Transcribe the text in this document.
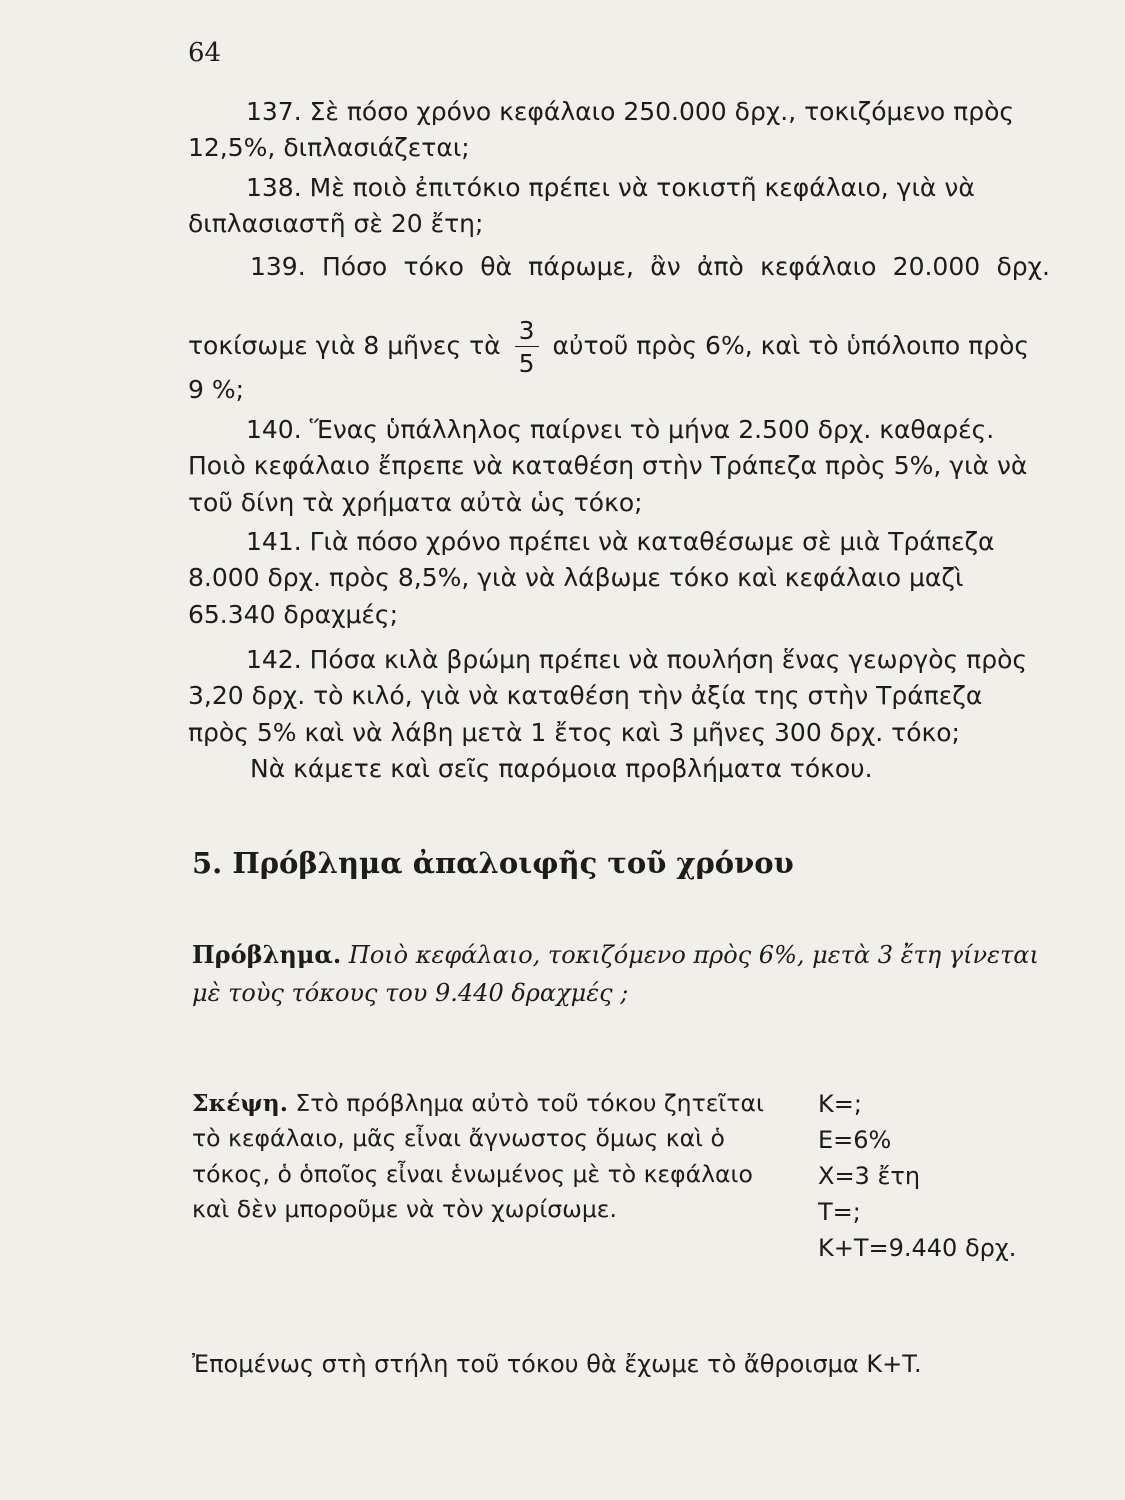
64
137. Σὲ πόσο χρόνο κεφάλαιο 250.000 δρχ., τοκιζόμενο πρὸς 12,5%, διπλασιάζεται;
138. Μὲ ποιὸ ἐπιτόκιο πρέπει νὰ τοκιστῆ κεφάλαιο, γιὰ νὰ διπλασιαστῆ σὲ 20 ἔτη;
139. Πόσο τόκο θὰ πάρωμε, ἂν ἀπὸ κεφάλαιο 20.000 δρχ.
τοκίσωμε γιὰ 8 μῆνες τὰ $\frac{3}{5}$ αὐτοῦ πρὸς 6%, καὶ τὸ ὑπόλοιπο πρὸς
9 %;
140. Ἕνας ὑπάλληλος παίρνει τὸ μήνα 2.500 δρχ. καθαρές. Ποιὸ κεφάλαιο ἔπρεπε νὰ καταθέση στὴν Τράπεζα πρὸς 5%, γιὰ νὰ τοῦ δίνη τὰ χρήματα αὐτὰ ὡς τόκο;
141. Γιὰ πόσο χρόνο πρέπει νὰ καταθέσωμε σὲ μιὰ Τράπεζα 8.000 δρχ. πρὸς 8,5%, γιὰ νὰ λάβωμε τόκο καὶ κεφάλαιο μαζὶ 65.340 δραχμές;
142. Πόσα κιλὰ βρώμη πρέπει νὰ πουλήση ἕνας γεωργὸς πρὸς 3,20 δρχ. τὸ κιλό, γιὰ νὰ καταθέση τὴν ἀξία της στὴν Τράπεζα πρὸς 5% καὶ νὰ λάβη μετὰ 1 ἔτος καὶ 3 μῆνες 300 δρχ. τόκο;
Νὰ κάμετε καὶ σεῖς παρόμοια προβλήματα τόκου.
5. Πρόβλημα ἀπαλοιφῆς τοῦ χρόνου
Πρόβλημα. Ποιὸ κεφάλαιο, τοκιζόμενο πρὸς 6%, μετὰ 3 ἔτη γίνεται μὲ τοὺς τόκους του 9.440 δραχμές ;
Σκέψη. Στὸ πρόβλημα αὐτὸ τοῦ τόκου ζητεῖται τὸ κεφάλαιο, μᾶς εἶναι ἄγνωστος ὅμως καὶ ὁ τόκος, ὁ ὁποῖος εἶναι ἑνωμένος μὲ τὸ κεφάλαιο καὶ δὲν μποροῦμε νὰ τὸν χωρίσωμε.
K=;
E=6%
X=3 ἔτη
T=;
K+T=9.440 δρχ.
Ἐπομένως στὴ στήλη τοῦ τόκου θὰ ἔχωμε τὸ ἄθροισμα K+T.
